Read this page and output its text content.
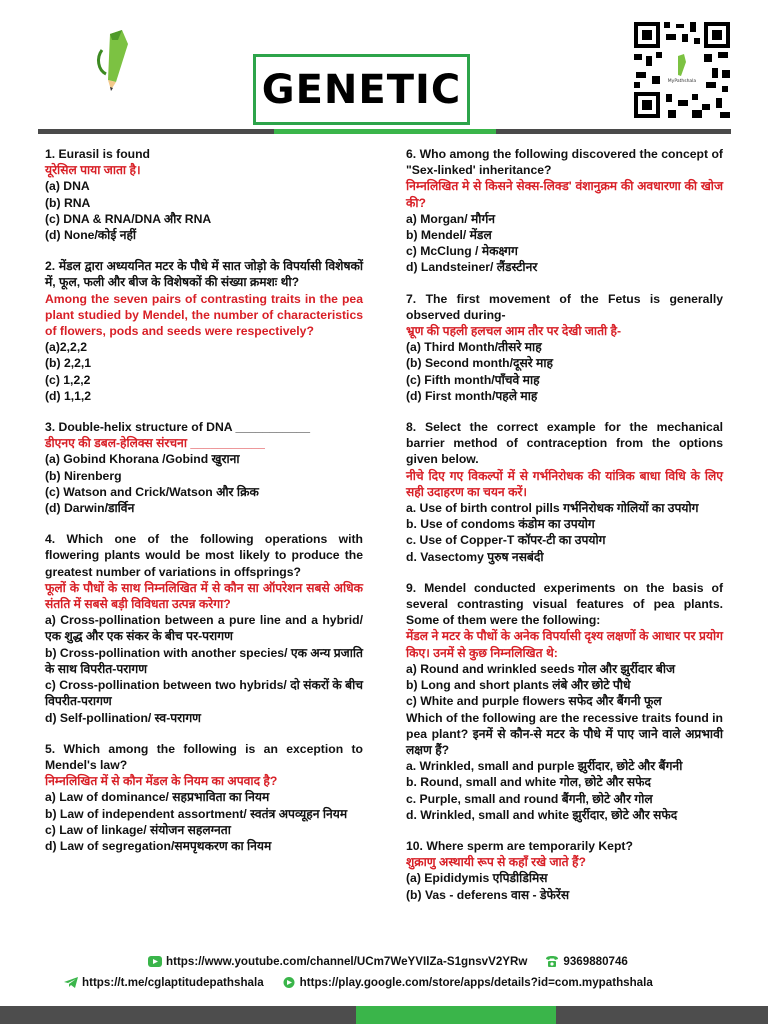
GENETIC	MyPathshala

1. Eurasil is found

यूरेसिल पाया जाता है।

(a) DNA

(b) RNA

(c) DNA & RNA/DNA और RNA

(d) None/कोई नहीं

2. मेंडल द्वारा अध्ययनित मटर के पौधे में सात जोड़ो के विपर्यासी विशेषकों में, फूल, फली और बीज के विशेषकों की संख्या क्रमशः थी?

Among the seven pairs of contrasting traits in the pea plant studied by Mendel, the number of characteristics of flowers, pods and seeds were respectively?

(a)2,2,2

(b) 2,2,1

(c) 1,2,2

(d) 1,1,2

3. Double-helix structure of DNA ___________

डीएनए की डबल-हेलिक्स संरचना ___________

(a) Gobind Khorana /Gobind खुराना

(b) Nirenberg

(c) Watson and Crick/Watson और क्रिक

(d) Darwin/डार्विन

4. Which one of the following operations with flowering plants would be most likely to produce the greatest number of variations in offsprings?

फूलों के पौधों के साथ निम्नलिखित में से कौन सा ऑपरेशन सबसे अधिक संतति में सबसे बड़ी विविधता उत्पन्न करेगा?

a) Cross-pollination between a pure line and a hybrid/ एक शुद्ध और एक संकर के बीच पर-परागण

b) Cross-pollination with another species/ एक अन्य प्रजाति के साथ विपरीत-परागण

c) Cross-pollination between two hybrids/ दो संकरों के बीच विपरीत-परागण

d) Self-pollination/ स्व-परागण

5. Which among the following is an exception to Mendel's law?

निम्नलिखित में से कौन मेंडल के नियम का अपवाद है?

a) Law of dominance/ सहप्रभाविता का नियम

b) Law of independent assortment/ स्वतंत्र अपव्यूहन नियम

c) Law of linkage/ संयोजन सहलग्नता

d) Law of segregation/समपृथकरण का नियम

6. Who among the following discovered the concept of "Sex-linked' inheritance?

निम्नलिखित मे से किसने सेक्स-लिक्ड' वंशानुक्रम की अवधारणा की खोज की?

a) Morgan/ मौर्गन

b) Mendel/ मेंडल

c) McClung / मेकक्ष्गग

d) Landsteiner/ लैंडस्टीनर

7. The first movement of the Fetus is generally observed during-

भ्रूण की पहली हलचल आम तौर पर देखी जाती है-

(a) Third Month/तीसरे माह

(b) Second month/दूसरे माह

(c) Fifth month/पाँचवे माह

(d) First month/पहले माह

8. Select the correct example for the mechanical barrier method of contraception from the options given below.

नीचे दिए गए विकल्पों में से गर्भनिरोधक की यांत्रिक बाधा विधि के लिए सही उदाहरण का चयन करें।

a. Use of birth control pills गर्भनिरोधक गोलियों का उपयोग

b. Use of condoms कंडोम का उपयोग

c. Use of Copper-T कॉपर-टी का उपयोग

d. Vasectomy पुरुष नसबंदी

9. Mendel conducted experiments on the basis of several contrasting visual features of pea plants. Some of them were the following:

मेंडल ने मटर के पौधों के अनेक विपर्यासी दृश्य लक्षणों के आधार पर प्रयोग किए। उनमें से कुछ निम्नलिखित थे:

a) Round and wrinkled seeds गोल और झुर्रीदार बीज

b) Long and short plants लंबे और छोटे पौधे

c) White and purple flowers सफेद और बैंगनी फूल

Which of the following are the recessive traits found in pea plant? इनमें से कौन-से मटर के पौधे में पाए जाने वाले अप्रभावी लक्षण हैं?

a. Wrinkled, small and purple झुर्रीदार, छोटे और बैंगनी

b. Round, small and white गोल, छोटे और सफेद

c. Purple, small and round बैंगनी, छोटे और गोल

d. Wrinkled, small and white झुर्रीदार, छोटे और सफेद

10. Where sperm are temporarily Kept?

शुक्राणु अस्थायी रूप से कहाँ रखे जाते हैं?

(a) Epididymis एपिडीडिमिस

(b) Vas - deferens वास - डेफेरेंस

https://www.youtube.com/channel/UCm7WeYVIlZa-S1gnsvV2YRw	9369880746
https://t.me/cglaptitudepathshala	https://play.google.com/store/apps/details?id=com.mypathshala
